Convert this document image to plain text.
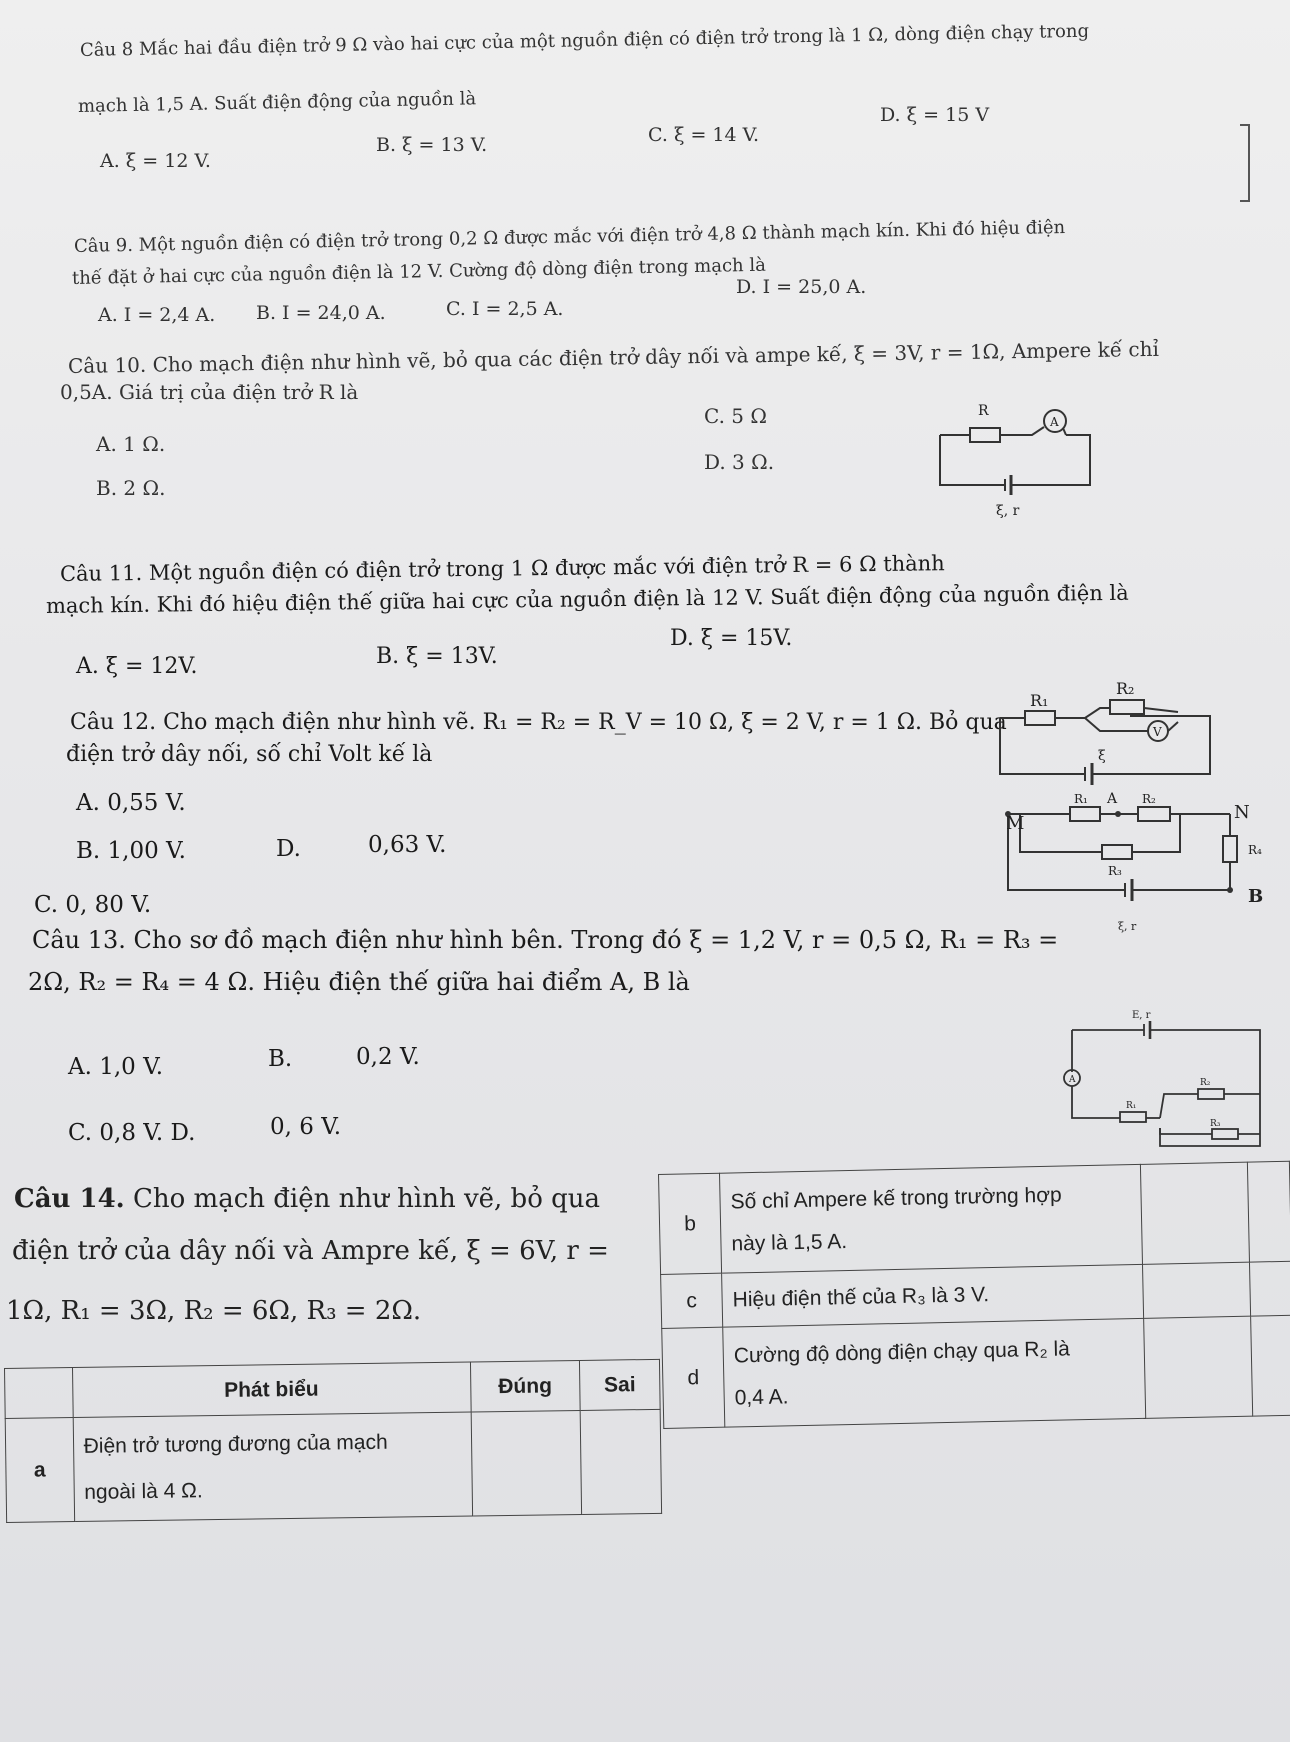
Câu 8 Mắc hai đầu điện trở 9 Ω vào hai cực của một nguồn điện có điện trở trong là 1 Ω, dòng điện chạy trong
mạch là 1,5 A. Suất điện động của nguồn là
A. ξ = 12 V.
B. ξ = 13 V.	C. ξ = 14 V.
D. ξ = 15 V
Câu 9. Một nguồn điện có điện trở trong 0,2 Ω được mắc với điện trở 4,8 Ω thành mạch kín. Khi đó hiệu điện
thế đặt ở hai cực của nguồn điện là 12 V. Cường độ dòng điện trong mạch là
A. I = 2,4 A. B. I = 24,0 A.	C. I = 2,5 A.
D. I = 25,0 A.
Câu 10. Cho mạch điện như hình vẽ, bỏ qua các điện trở dây nối và ampe kế, ξ = 3V, r = 1Ω, Ampere kế chỉ
0,5A. Giá trị của điện trở R là
A. 1 Ω.
B. 2 Ω.
C. 5 Ω
D. 3 Ω.
R
A
ξ, r
Câu 11. Một nguồn điện có điện trở trong 1 Ω được mắc với điện trở R = 6 Ω thành
mạch kín. Khi đó hiệu điện thế giữa hai cực của nguồn điện là 12 V. Suất điện động của nguồn điện là
A. ξ = 12V.	B. ξ = 13V.
D. ξ = 15V.
Câu 12. Cho mạch điện như hình vẽ. R₁ = R₂ = R_V = 10 Ω, ξ = 2 V, r = 1 Ω. Bỏ qua
điện trở dây nối, số chỉ Volt kế là
A. 0,55 V.
B. 1,00 V.	D.	0,63 V.
C. 0, 80 V.
R₁
R₂
V
ξ
Câu 13. Cho sơ đồ mạch điện như hình bên. Trong đó ξ = 1,2 V, r = 0,5 Ω, R₁ = R₃ =
2Ω, R₂ = R₄ = 4 Ω. Hiệu điện thế giữa hai điểm A, B là
A. 1,0 V.	B.	0,2 V.
C. 0,8 V. D.	0, 6 V.
M
N
B
R₁ A R₂
R₃
R₄
ξ, r
E, r
A
R₁
R₂
R₃
Câu 14. Cho mạch điện như hình vẽ, bỏ qua
điện trở của dây nối và Ampre kế, ξ = 6V, r =
1Ω, R₁ = 3Ω, R₂ = 6Ω, R₃ = 2Ω.
	Phát biểu	Đúng	Sai
a	Điện trở tương đương của mạch
ngoài là 4 Ω.		

b	Số chỉ Ampere kế trong trường hợp
này là 1,5 A.		

c	Hiệu điện thế của R₃ là 3 V.		
d	Cường độ dòng điện chạy qua R₂ là
0,4 A.		
